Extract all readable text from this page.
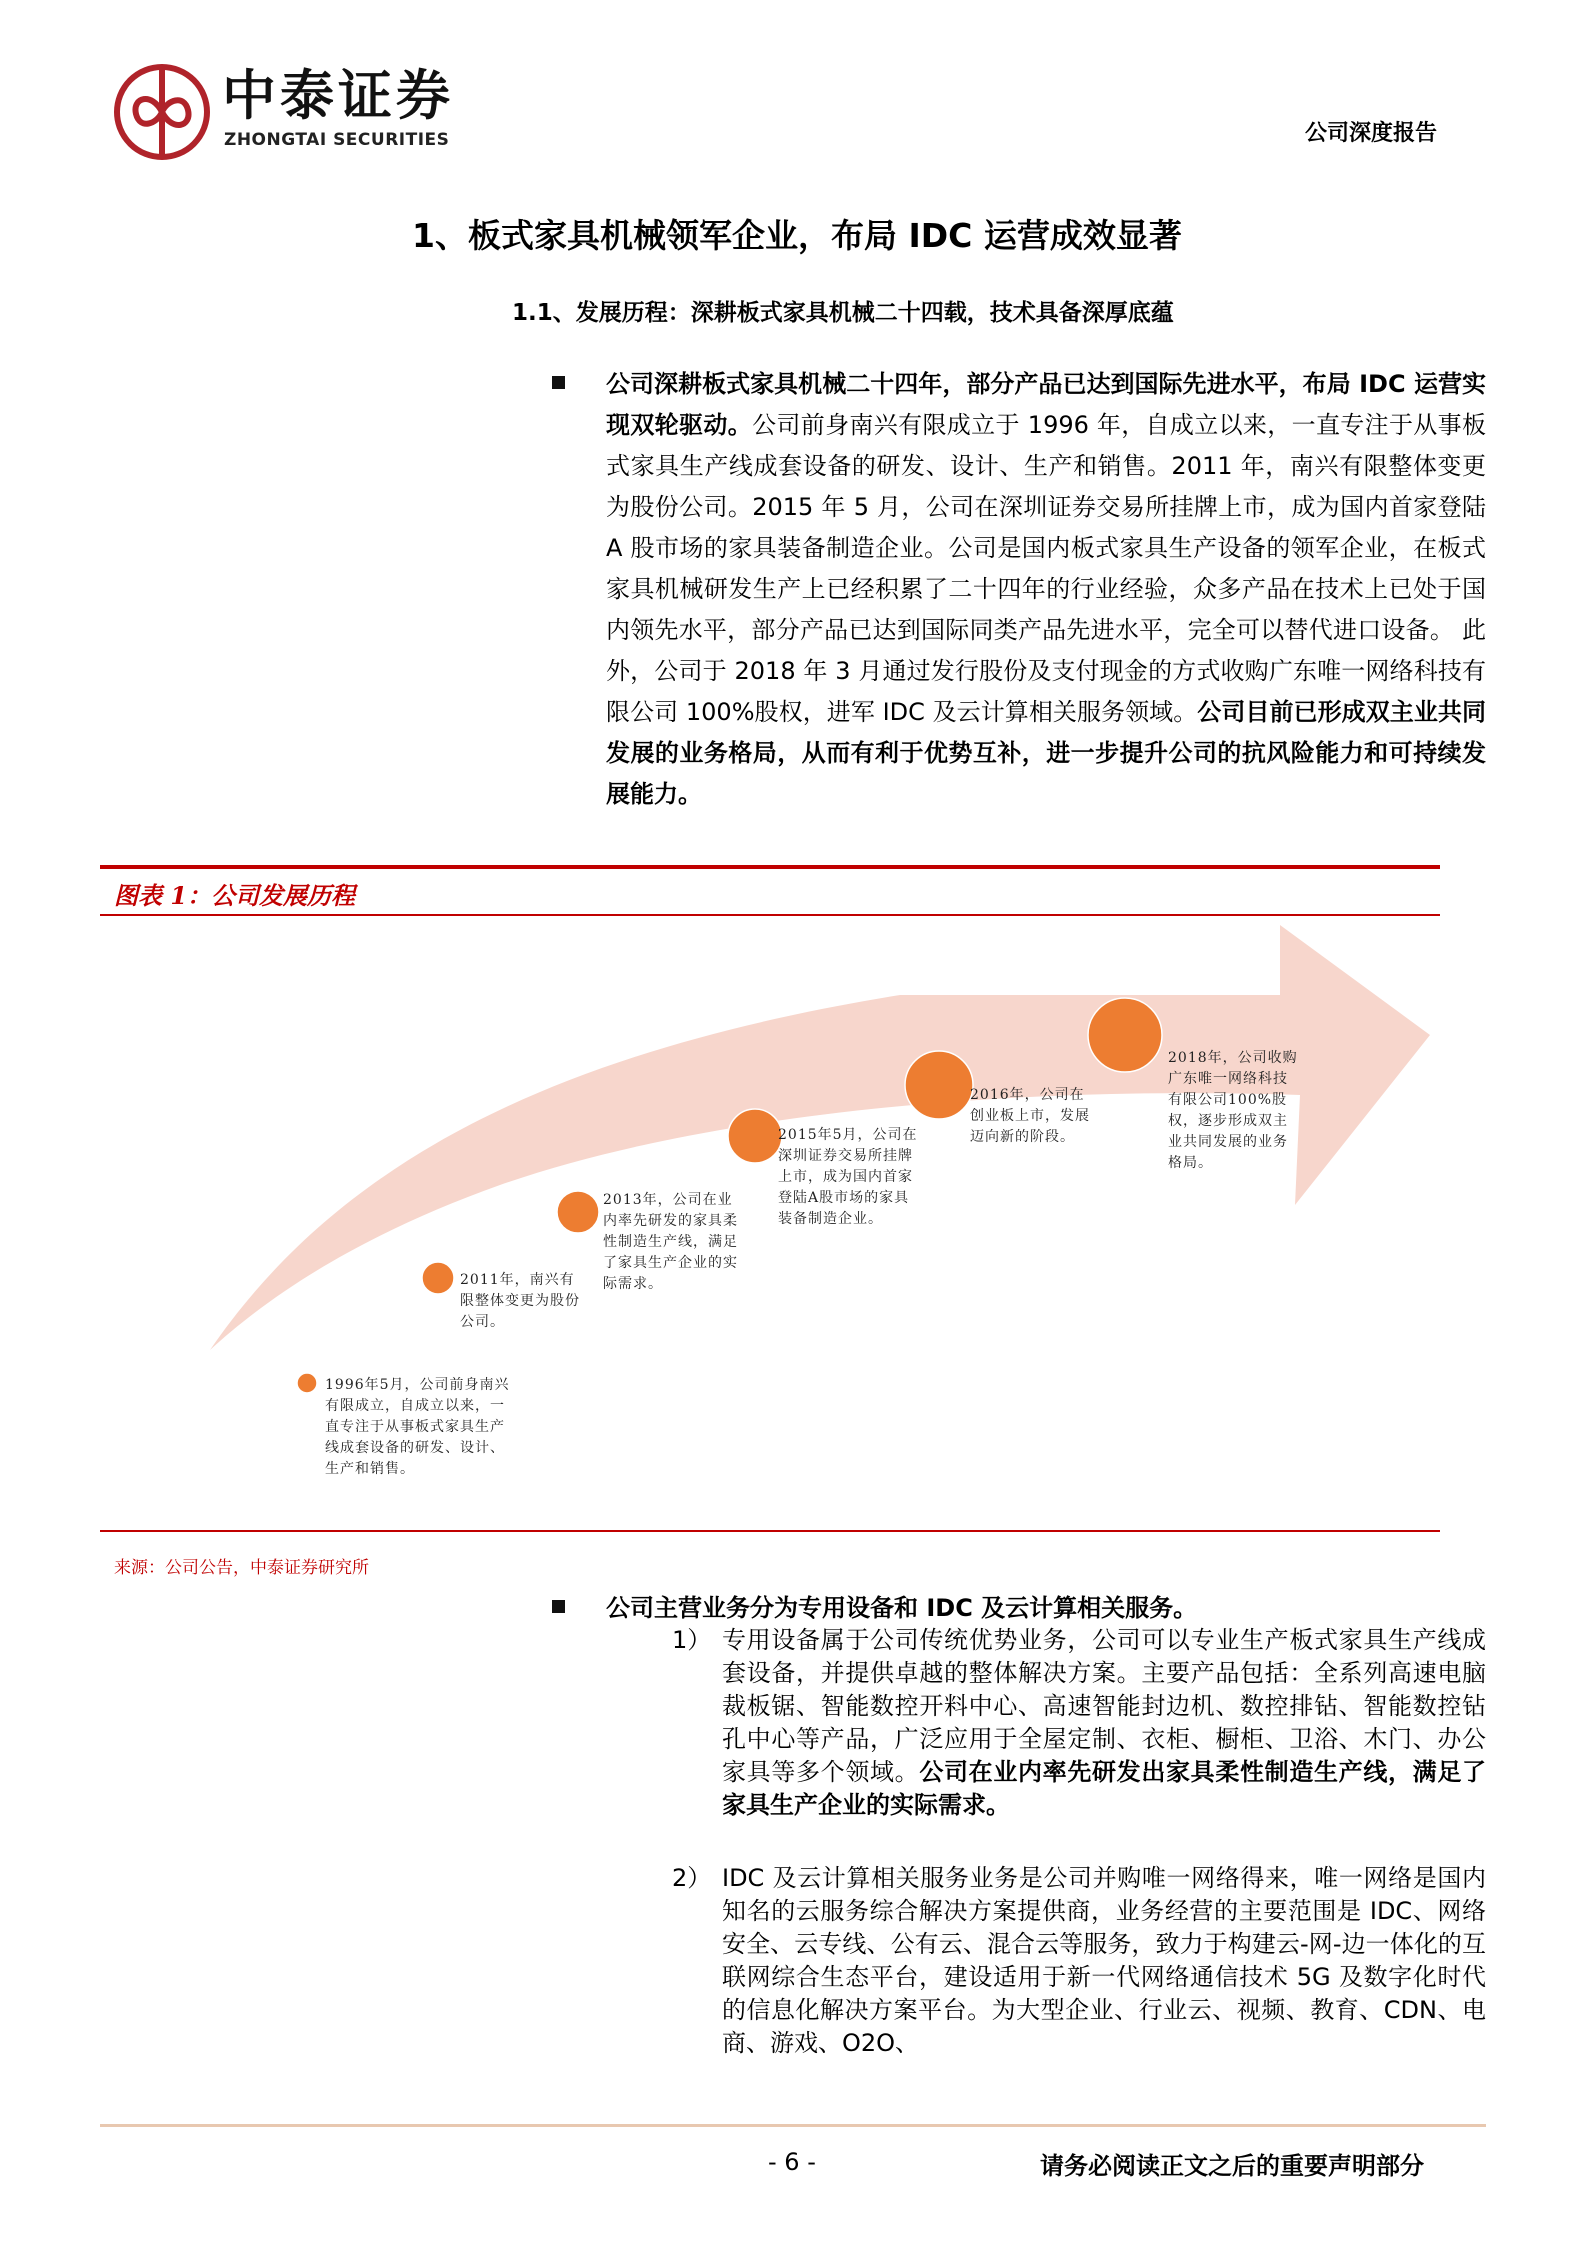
中泰证券
ZHONGTAI SECURITIES	公司深度报告
1、板式家具机械领军企业，布局 IDC 运营成效显著
1.1、发展历程：深耕板式家具机械二十四载，技术具备深厚底蕴
公司深耕板式家具机械二十四年，部分产品已达到国际先进水平，布局 IDC 运营实现双轮驱动。公司前身南兴有限成立于 1996 年，自成立以来，一直专注于从事板式家具生产线成套设备的研发、设计、生产和销售。2011 年，南兴有限整体变更为股份公司。2015 年 5 月，公司在深圳证券交易所挂牌上市，成为国内首家登陆 A 股市场的家具装备制造企业。公司是国内板式家具生产设备的领军企业，在板式家具机械研发生产上已经积累了二十四年的行业经验，众多产品在技术上已处于国内领先水平，部分产品已达到国际同类产品先进水平，完全可以替代进口设备。 此外，公司于 2018 年 3 月通过发行股份及支付现金的方式收购广东唯一网络科技有限公司 100%股权，进军 IDC 及云计算相关服务领域。公司目前已形成双主业共同发展的业务格局，从而有利于优势互补，进一步提升公司的抗风险能力和可持续发展能力。
图表 1：公司发展历程
1996年5月，公司前身南兴有限成立，自成立以来，一直专注于从事板式家具生产线成套设备的研发、设计、生产和销售。
2011年，南兴有限整体变更为股份公司。
2013年，公司在业内率先研发的家具柔性制造生产线，满足了家具生产企业的实际需求。
2015年5月，公司在深圳证券交易所挂牌上市，成为国内首家登陆A股市场的家具装备制造企业。
2016年，公司在创业板上市，发展迈向新的阶段。
2018年，公司收购广东唯一网络科技有限公司100%股权，逐步形成双主业共同发展的业务格局。
来源：公司公告，中泰证券研究所
公司主营业务分为专用设备和 IDC 及云计算相关服务。
1） 专用设备属于公司传统优势业务，公司可以专业生产板式家具生产线成套设备，并提供卓越的整体解决方案。主要产品包括：全系列高速电脑裁板锯、智能数控开料中心、高速智能封边机、数控排钻、智能数控钻孔中心等产品，广泛应用于全屋定制、衣柜、橱柜、卫浴、木门、办公家具等多个领域。公司在业内率先研发出家具柔性制造生产线，满足了家具生产企业的实际需求。
2） IDC 及云计算相关服务业务是公司并购唯一网络得来，唯一网络是国内知名的云服务综合解决方案提供商，业务经营的主要范围是 IDC、网络安全、云专线、公有云、混合云等服务，致力于构建云-网-边一体化的互联网综合生态平台，建设适用于新一代网络通信技术 5G 及数字化时代的信息化解决方案平台。为大型企业、行业云、视频、教育、CDN、电商、游戏、O2O、
- 6 -	请务必阅读正文之后的重要声明部分
